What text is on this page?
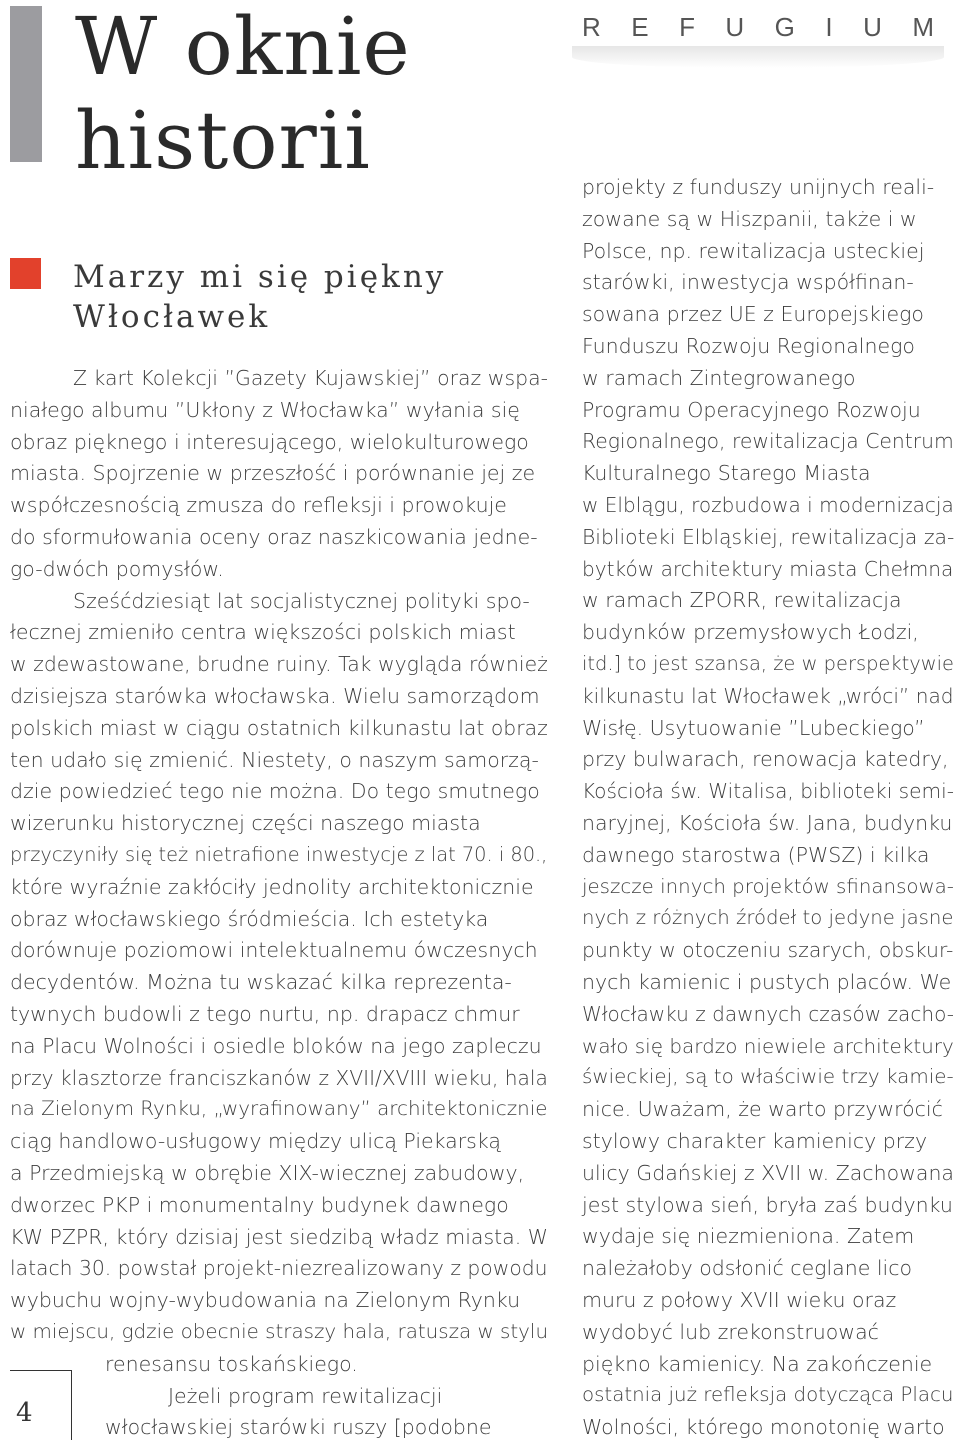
W oknie
historii
R E F U G I U M
Marzy mi się piękny
Włocławek
Z kart Kolekcji ”Gazety Kujawskiej” oraz wspa-
niałego albumu ”Ukłony z Włocławka” wyłania się
obraz pięknego i interesującego, wielokulturowego
miasta. Spojrzenie w przeszłość i porównanie jej ze
współczesnością zmusza do refleksji i prowokuje
do sformułowania oceny oraz naszkicowania jedne-
go-dwóch pomysłów.
Sześćdziesiąt lat socjalistycznej polityki spo-
łecznej zmieniło centra większości polskich miast
w zdewastowane, brudne ruiny. Tak wygląda również
dzisiejsza starówka włocławska. Wielu samorządom
polskich miast w ciągu ostatnich kilkunastu lat obraz
ten udało się zmienić. Niestety, o naszym samorzą-
dzie powiedzieć tego nie można. Do tego smutnego
wizerunku historycznej części naszego miasta
przyczyniły się też nietrafione inwestycje z lat 70. i 80.,
które wyraźnie zakłóciły jednolity architektonicznie
obraz włocławskiego śródmieścia. Ich estetyka
dorównuje poziomowi intelektualnemu ówczesnych
decydentów. Można tu wskazać kilka reprezenta-
tywnych budowli z tego nurtu, np. drapacz chmur
na Placu Wolności i osiedle bloków na jego zapleczu
przy klasztorze franciszkanów z XVII/XVIII wieku, hala
na Zielonym Rynku, „wyrafinowany” architektonicznie
ciąg handlowo-usługowy między ulicą Piekarską
a Przedmiejską w obrębie XIX-wiecznej zabudowy,
dworzec PKP i monumentalny budynek dawnego
KW PZPR, który dzisiaj jest siedzibą władz miasta. W
latach 30. powstał projekt-niezrealizowany z powodu
wybuchu wojny-wybudowania na Zielonym Rynku
w miejscu, gdzie obecnie straszy hala, ratusza w stylu
renesansu toskańskiego.
Jeżeli program rewitalizacji
włocławskiej starówki ruszy [podobne
projekty z funduszy unijnych reali-
zowane są w Hiszpanii, także i w
Polsce, np. rewitalizacja usteckiej
starówki, inwestycja współfinan-
sowana przez UE z Europejskiego
Funduszu Rozwoju Regionalnego
w ramach Zintegrowanego
Programu Operacyjnego Rozwoju
Regionalnego, rewitalizacja Centrum
Kulturalnego Starego Miasta
w Elblągu, rozbudowa i modernizacja
Biblioteki Elbląskiej, rewitalizacja za-
bytków architektury miasta Chełmna
w ramach ZPORR, rewitalizacja
budynków przemysłowych Łodzi,
itd.] to jest szansa, że w perspektywie
kilkunastu lat Włocławek „wróci” nad
Wisłę. Usytuowanie ”Lubeckiego”
przy bulwarach, renowacja katedry,
Kościoła św. Witalisa, biblioteki semi-
naryjnej, Kościoła św. Jana, budynku
dawnego starostwa (PWSZ) i kilka
jeszcze innych projektów sfinansowa-
nych z różnych źródeł to jedyne jasne
punkty w otoczeniu szarych, obskur-
nych kamienic i pustych placów. We
Włocławku z dawnych czasów zacho-
wało się bardzo niewiele architektury
świeckiej, są to właściwie trzy kamie-
nice. Uważam, że warto przywrócić
stylowy charakter kamienicy przy
ulicy Gdańskiej z XVII w. Zachowana
jest stylowa sień, bryła zaś budynku
wydaje się niezmieniona. Zatem
należałoby odsłonić ceglane lico
muru z połowy XVII wieku oraz
wydobyć lub zrekonstruować
piękno kamienicy. Na zakończenie
ostatnia już refleksja dotycząca Placu
Wolności, którego monotonię warto
4
